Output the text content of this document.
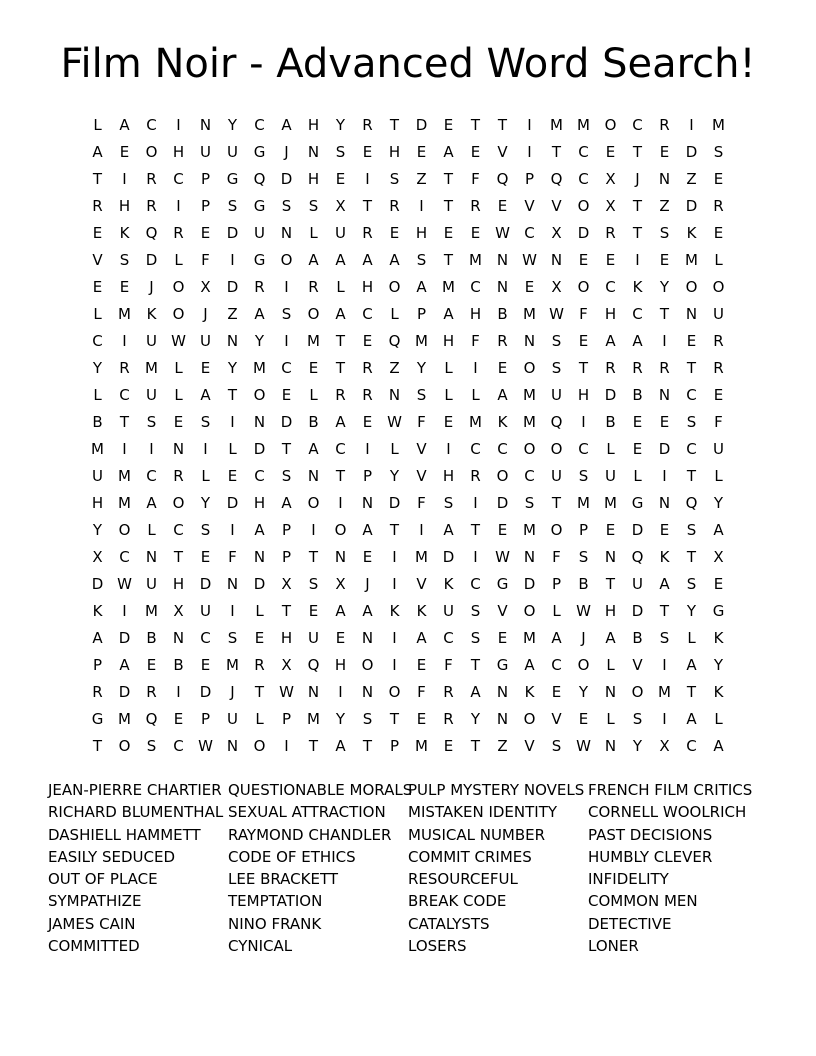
Film Noir - Advanced Word Search!
L	A	C	I	N	Y	C	A	H	Y	R	T	D	E	T	T	I	M M O	C	R	I	M
A	E	O	H	U	U	G	J	N	S	E	H	E	A	E	V	I	T	C	E	T	E	D	S
T	I	R	C	P	G	Q	D	H	E	I	S	Z	T	F	Q	P	Q	C	X	J	N	Z	E
R	H	R	I	P	S	G	S	S	X	T	R	I	T	R	E	V	V	O	X	T	Z	D	R
E	K	Q	R	E	D	U	N	L	U	R	E	H	E	E W C	X	D	R	T	S	K	E
V	S	D	L	F	I	G	O	A	A	A	A	S	T	M N W N	E	E	I	E	M	L
E	E	J	O	X	D	R	I	R	L	H	O	A	M	C	N	E	X	O	C	K	Y	O	O
L	M	K	O	J	Z	A	S	O	A	C	L	P	A	H	B	M W	F	H	C	T	N	U
C	I	U W U	N	Y	I	M	T	E	Q M H	F	R	N	S	E	A	A	I	E	R
Y	R	M	L	E	Y	M	C	E	T	R	Z	Y	L	I	E	O	S	T	R	R	R	T	R
L	C	U	L	A	T	O	E	L	R	R	N	S	L	L	A	M	U	H	D	B	N	C	E
B	T	S	E	S	I	N	D	B	A	E W	F	E	M	K	M Q	I	B	E	E	S	F
M	I	I	N	I	L	D	T	A	C	I	L	V	I	C	C	O	O	C	L	E	D	C	U
U	M	C	R	L	E	C	S	N	T	P	Y	V	H	R	O	C	U	S	U	L	I	T	L
H M	A	O	Y	D	H	A	O	I	N	D	F	S	I	D	S	T	M M G	N	Q	Y
Y	O	L	C	S	I	A	P	I	O	A	T	I	A	T	E	M O	P	E	D	E	S	A
X	C	N	T	E	F	N	P	T	N	E	I	M D	I	W N	F	S	N	Q	K	T	X
D W U	H	D	N	D	X	S	X	J	I	V	K	C	G	D	P	B	T	U	A	S	E
K	I	M	X	U	I	L	T	E	A	A	K	K	U	S	V	O	L	W H	D	T	Y	G
A	D	B	N	C	S	E	H	U	E	N	I	A	C	S	E	M	A	J	A	B	S	L	K
P	A	E	B	E	M	R	X	Q	H	O	I	E	F	T	G	A	C	O	L	V	I	A	Y
R	D	R	I	D	J	T	W N	I	N	O	F	R	A	N	K	E	Y	N	O M	T	K
G M Q	E	P	U	L	P	M	Y	S	T	E	R	Y	N	O	V	E	L	S	I	A	L
T	O	S	C W N	O	I	T	A	T	P	M	E	T	Z	V	S W N	Y	X	C	A
JEAN-PIERRE CHARTIER
RICHARD BLUMENTHAL
DASHIELL HAMMETT
EASILY SEDUCED
OUT OF PLACE
SYMPATHIZE
JAMES CAIN
COMMITTED
QUESTIONABLE MORALS
SEXUAL ATTRACTION
RAYMOND CHANDLER
CODE OF ETHICS
LEE BRACKETT
TEMPTATION
NINO FRANK
CYNICAL
PULP MYSTERY NOVELS
MISTAKEN IDENTITY
MUSICAL NUMBER
COMMIT CRIMES
RESOURCEFUL
BREAK CODE
CATALYSTS
LOSERS
FRENCH FILM CRITICS
CORNELL WOOLRICH
PAST DECISIONS
HUMBLY CLEVER
INFIDELITY
COMMON MEN
DETECTIVE
LONER
